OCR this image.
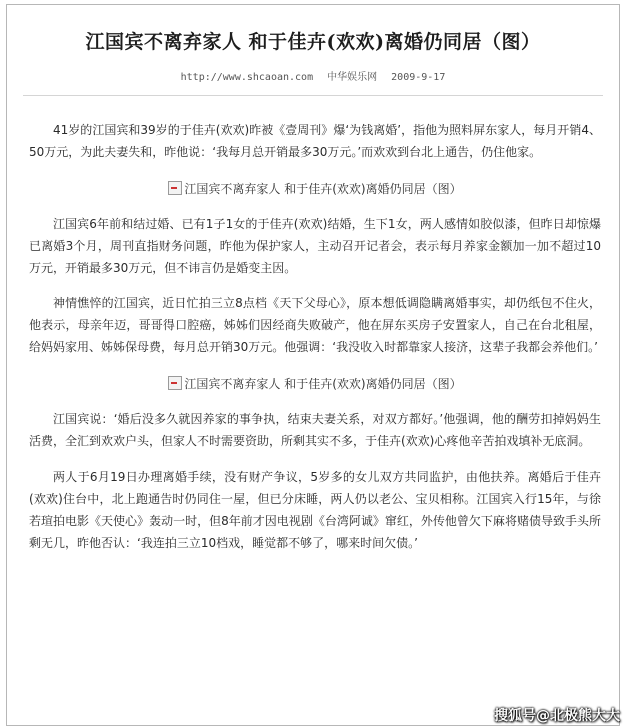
江国宾不离弃家人 和于佳卉(欢欢)离婚仍同居（图）
http://www.shcaoan.com 中华娱乐网 2009-9-17

41岁的江国宾和39岁的于佳卉(欢欢)昨被《壹周刊》爆‘为钱离婚’，指他为照料屏东家人，每月开销4、50万元，为此夫妻失和，昨他说：‘我每月总开销最多30万元。’而欢欢到台北上通告，仍住他家。

江国宾不离弃家人 和于佳卉(欢欢)离婚仍同居（图）

江国宾6年前和结过婚、已有1子1女的于佳卉(欢欢)结婚，生下1女，两人感情如胶似漆，但昨日却惊爆已离婚3个月，周刊直指财务问题，昨他为保护家人，主动召开记者会，表示每月养家金额加一加不超过10万元，开销最多30万元，但不讳言仍是婚变主因。

神情憔悴的江国宾，近日忙拍三立8点档《天下父母心》，原本想低调隐瞒离婚事实，却仍纸包不住火，他表示，母亲年迈，哥哥得口腔癌，姊姊们因经商失败破产，他在屏东买房子安置家人，自己在台北租屋，给妈妈家用、姊姊保母费，每月总开销30万元。他强调：‘我没收入时都靠家人接济，这辈子我都会养他们。’

江国宾不离弃家人 和于佳卉(欢欢)离婚仍同居（图）

江国宾说：‘婚后没多久就因养家的事争执，结束夫妻关系，对双方都好。’他强调，他的酬劳扣掉妈妈生活费，全汇到欢欢户头，但家人不时需要资助，所剩其实不多，于佳卉(欢欢)心疼他辛苦拍戏填补无底洞。

两人于6月19日办理离婚手续，没有财产争议，5岁多的女儿双方共同监护，由他扶养。离婚后于佳卉(欢欢)住台中，北上跑通告时仍同住一屋，但已分床睡，两人仍以老公、宝贝相称。江国宾入行15年，与徐若瑄拍电影《天使心》轰动一时，但8年前才因电视剧《台湾阿诚》窜红，外传他曾欠下麻将赌债导致手头所剩无几，昨他否认：‘我连拍三立10档戏，睡觉都不够了，哪来时间欠债。’

搜狐号@北极熊大大
